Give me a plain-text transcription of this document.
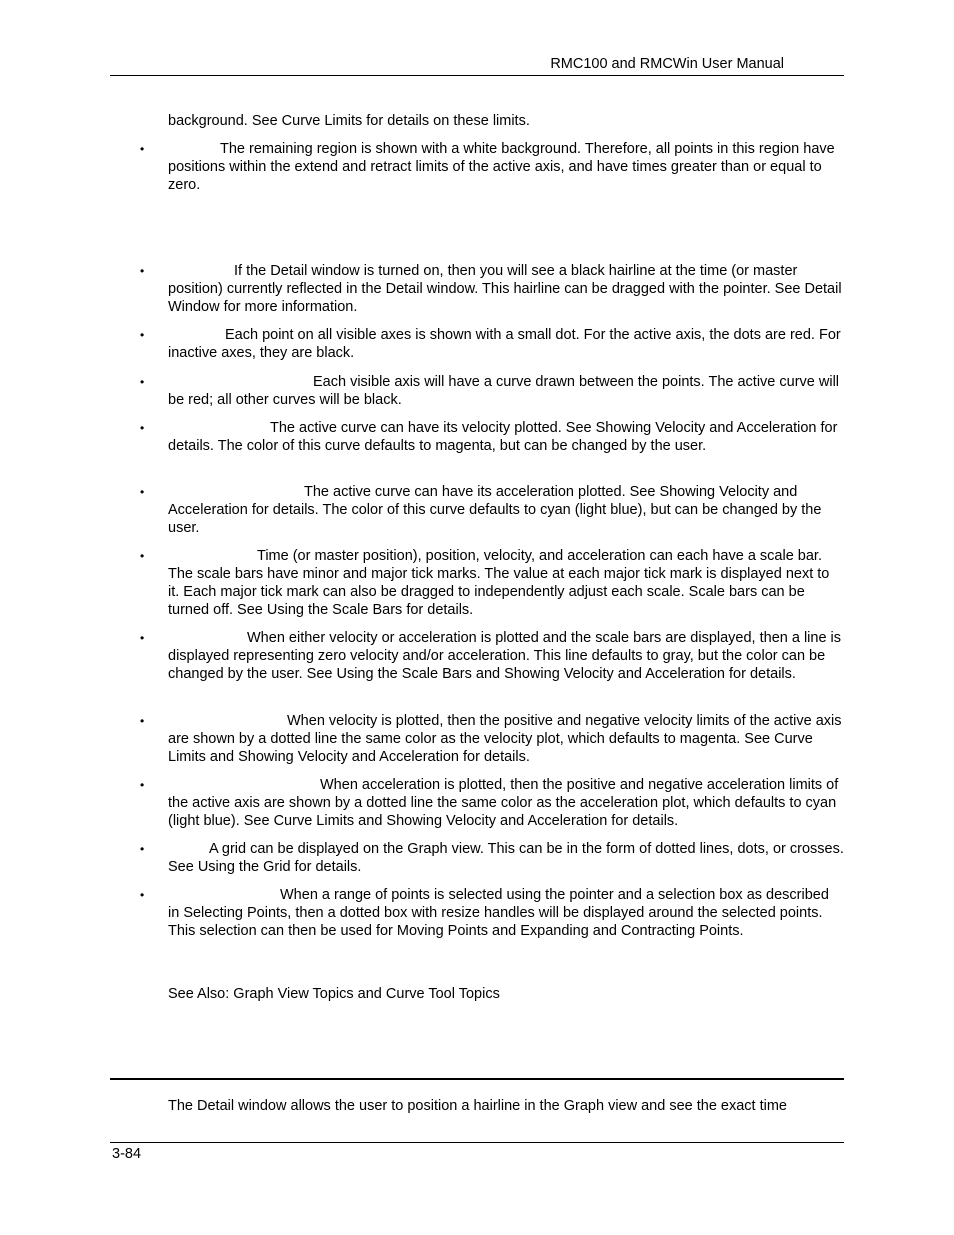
RMC100 and RMCWin User Manual
background. See Curve Limits for details on these limits.
•	The remaining region is shown with a white background. Therefore, all points in this region have positions within the extend and retract limits of the active axis, and have times greater than or equal to zero.
•	If the Detail window is turned on, then you will see a black hairline at the time (or master position) currently reflected in the Detail window. This hairline can be dragged with the pointer. See Detail Window for more information.
•	Each point on all visible axes is shown with a small dot. For the active axis, the dots are red. For inactive axes, they are black.
•	Each visible axis will have a curve drawn between the points. The active curve will be red; all other curves will be black.
•	The active curve can have its velocity plotted. See Showing Velocity and Acceleration for details. The color of this curve defaults to magenta, but can be changed by the user.
•	The active curve can have its acceleration plotted. See Showing Velocity and Acceleration for details. The color of this curve defaults to cyan (light blue), but can be changed by the user.
•	Time (or master position), position, velocity, and acceleration can each have a scale bar. The scale bars have minor and major tick marks. The value at each major tick mark is displayed next to it. Each major tick mark can also be dragged to independently adjust each scale. Scale bars can be turned off. See Using the Scale Bars for details.
•	When either velocity or acceleration is plotted and the scale bars are displayed, then a line is displayed representing zero velocity and/or acceleration. This line defaults to gray, but the color can be changed by the user. See Using the Scale Bars and Showing Velocity and Acceleration for details.
•	When velocity is plotted, then the positive and negative velocity limits of the active axis are shown by a dotted line the same color as the velocity plot, which defaults to magenta. See Curve Limits and Showing Velocity and Acceleration for details.
•	When acceleration is plotted, then the positive and negative acceleration limits of the active axis are shown by a dotted line the same color as the acceleration plot, which defaults to cyan (light blue). See Curve Limits and Showing Velocity and Acceleration for details.
•	A grid can be displayed on the Graph view. This can be in the form of dotted lines, dots, or crosses. See Using the Grid for details.
•	When a range of points is selected using the pointer and a selection box as described in Selecting Points, then a dotted box with resize handles will be displayed around the selected points. This selection can then be used for Moving Points and Expanding and Contracting Points.
See Also: Graph View Topics and Curve Tool Topics
The Detail window allows the user to position a hairline in the Graph view and see the exact time
3-84
